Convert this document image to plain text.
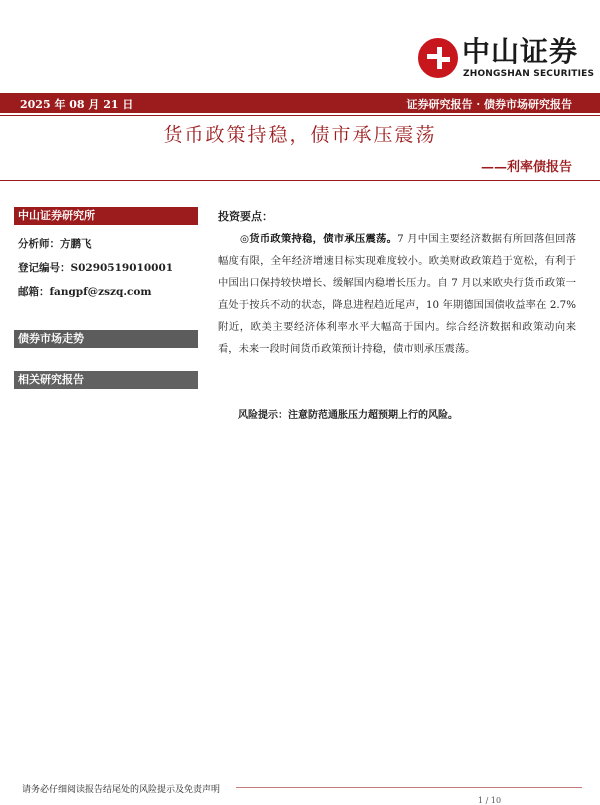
中山证券
ZHONGSHAN SECURITIES
2025 年 08 月 21 日	证券研究报告 · 债券市场研究报告
货币政策持稳，债市承压震荡
——利率债报告
中山证券研究所
分析师：方鹏飞
登记编号：S0290519010001
邮箱：fangpf@zszq.com
债券市场走势
相关研究报告
投资要点：
◎货币政策持稳，债市承压震荡。7 月中国主要经济数据有所回落但回落幅度有限，全年经济增速目标实现难度较小。欧美财政政策趋于宽松，有利于中国出口保持较快增长、缓解国内稳增长压力。自 7 月以来欧央行货币政策一直处于按兵不动的状态，降息进程趋近尾声，10 年期德国国债收益率在 2.7%附近，欧美主要经济体利率水平大幅高于国内。综合经济数据和政策动向来看，未来一段时间货币政策预计持稳，债市则承压震荡。
风险提示：注意防范通胀压力超预期上行的风险。
请务必仔细阅读报告结尾处的风险提示及免责声明
1 / 10
